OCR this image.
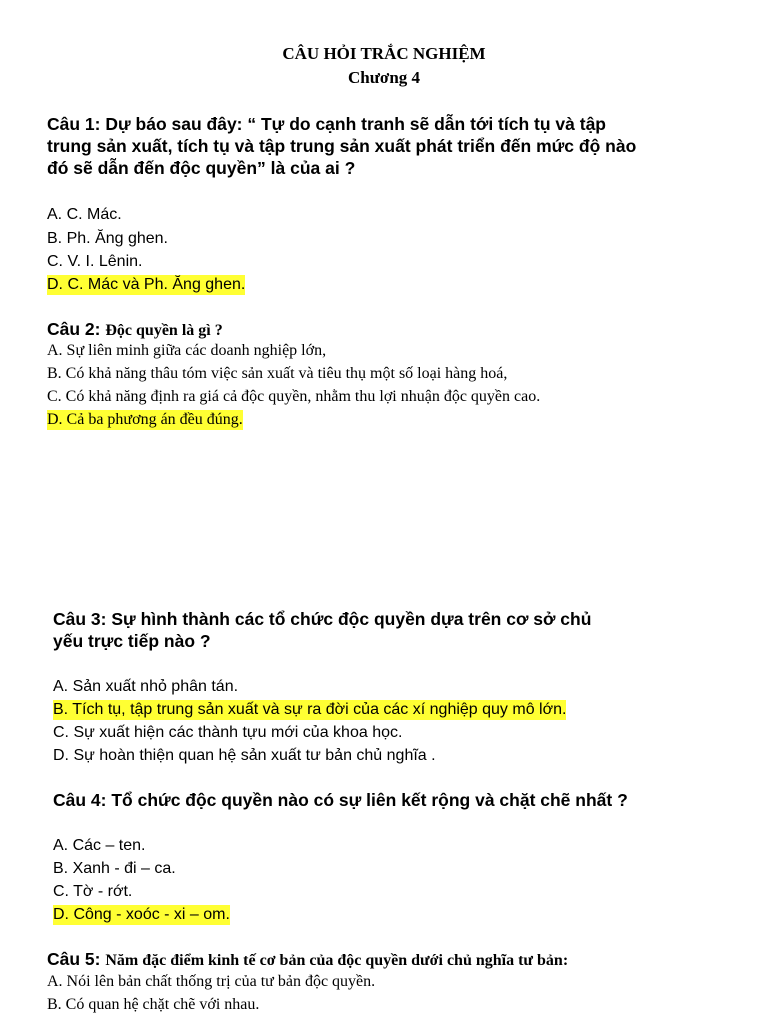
CÂU HỎI TRẮC NGHIỆM
Chương 4
Câu 1: Dự báo sau đây: “ Tự do cạnh tranh sẽ dẫn tới tích tụ và tập
trung sản xuất, tích tụ và tập trung sản xuất phát triển đến mức độ nào
đó sẽ dẫn đến độc quyền” là của ai ?
A. C. Mác.
B. Ph. Ăng ghen.
C. V. I. Lênin.
D. C. Mác và Ph. Ăng ghen.
Câu 2: Độc quyền là gì ?
A. Sự liên minh giữa các doanh nghiệp lớn,
B. Có khả năng thâu tóm việc sản xuất và tiêu thụ một số loại hàng hoá,
C. Có khả năng định ra giá cả độc quyền, nhằm thu lợi nhuận độc quyền cao.
D. Cả ba phương án đều đúng.
Câu 3: Sự hình thành các tổ chức độc quyền dựa trên cơ sở chủ
yếu trực tiếp nào ?
A. Sản xuất nhỏ phân tán.
B. Tích tụ, tập trung sản xuất và sự ra đời của các xí nghiệp quy mô lớn.
C. Sự xuất hiện các thành tựu mới của khoa học.
D. Sự hoàn thiện quan hệ sản xuất tư bản chủ nghĩa .
Câu 4: Tổ chức độc quyền nào có sự liên kết rộng và chặt chẽ nhất ?
A. Các – ten.
B. Xanh - đi – ca.
C. Tờ - rớt.
D. Công - xoóc - xi – om.
Câu 5: Năm đặc điểm kinh tế cơ bản của độc quyền dưới chủ nghĩa tư bản:
A. Nói lên bản chất thống trị của tư bản độc quyền.
B. Có quan hệ chặt chẽ với nhau.
